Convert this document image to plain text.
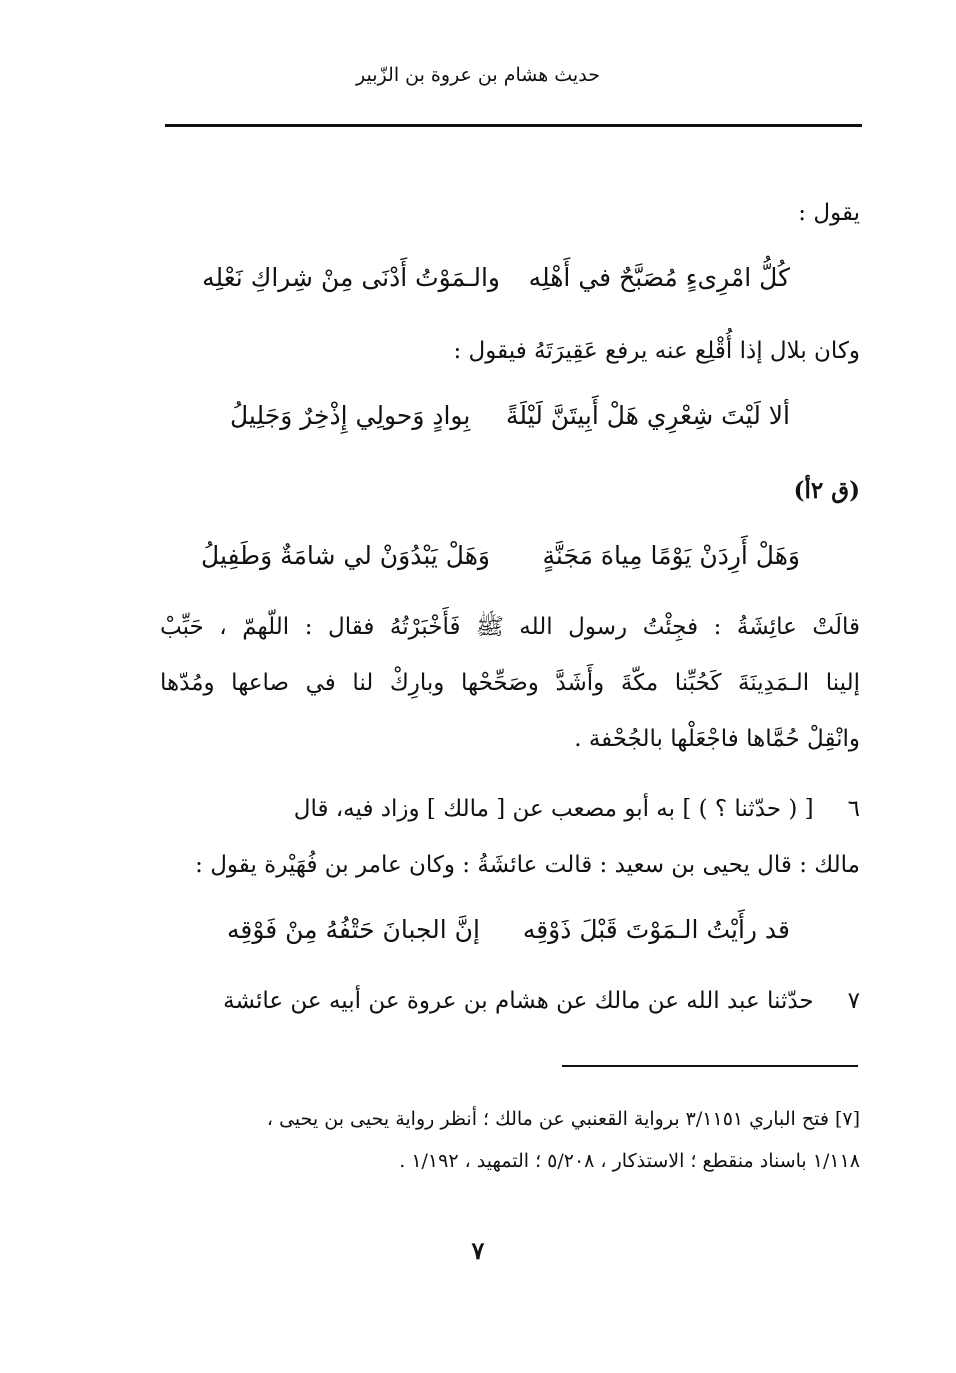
حديث هشام بن عروة بن الزّبير
يقول :
كُلُّ امْرِىءٍ مُصَبَّحٌ في أَهْلِه
والـمَوْتُ أَدْنَى مِنْ شِراكِ نَعْلِه
وكان بلال إذا أُقْلِع عنه يرفع عَقِيرَتَهُ فيقول :
ألا لَيْتَ شِعْرِي هَلْ أَبِيتَنَّ لَيْلَةً
بِوادٍ وَحولِي إِذْخِرٌ وَجَلِيلُ
(ق ٢أ)
وَهَلْ أَرِدَنْ يَوْمًا مِياهَ مَجَنَّةٍ
وَهَلْ يَبْدُوَنْ لي شامَةٌ وَطَفِيلُ
قالَتْ عائِشَةُ : فجِئْتُ رسول الله ﷺ فَأَخْبَرْتُهُ فقال : اللّهمّ ، حَبِّبْ
إلينا الـمَدِينَةَ كَحُبِّنا مكّةَ وأَشَدَّ وصَحِّحْها وبارِكْ لنا في صاعها ومُدّها
وانْقِلْ حُمَّاها فاجْعَلْها بالجُحْفة .
٦[ ( حدّثنا ؟ ) ] به أبو مصعب عن [ مالك ] وزاد فيه، قال
مالك : قال يحيى بن سعيد : قالت عائشَةُ : وكان عامر بن فُهَيْرة يقول :
قد رأَيْتُ الـمَوْتَ قَبْلَ ذَوْقِه
إنَّ الجبانَ حَتْفُهُ مِنْ فَوْقِه
٧حدّثنا عبد الله عن مالك عن هشام بن عروة عن أبيه عن عائشة
[٧] فتح الباري ٣/١١٥١ برواية القعنبي عن مالك ؛ أنظر رواية يحيى بن يحيى ،
١/١١٨ باسناد منقطع ؛ الاستذكار ، ٥/٢٠٨ ؛ التمهيد ، ١/١٩٢ .
٧
